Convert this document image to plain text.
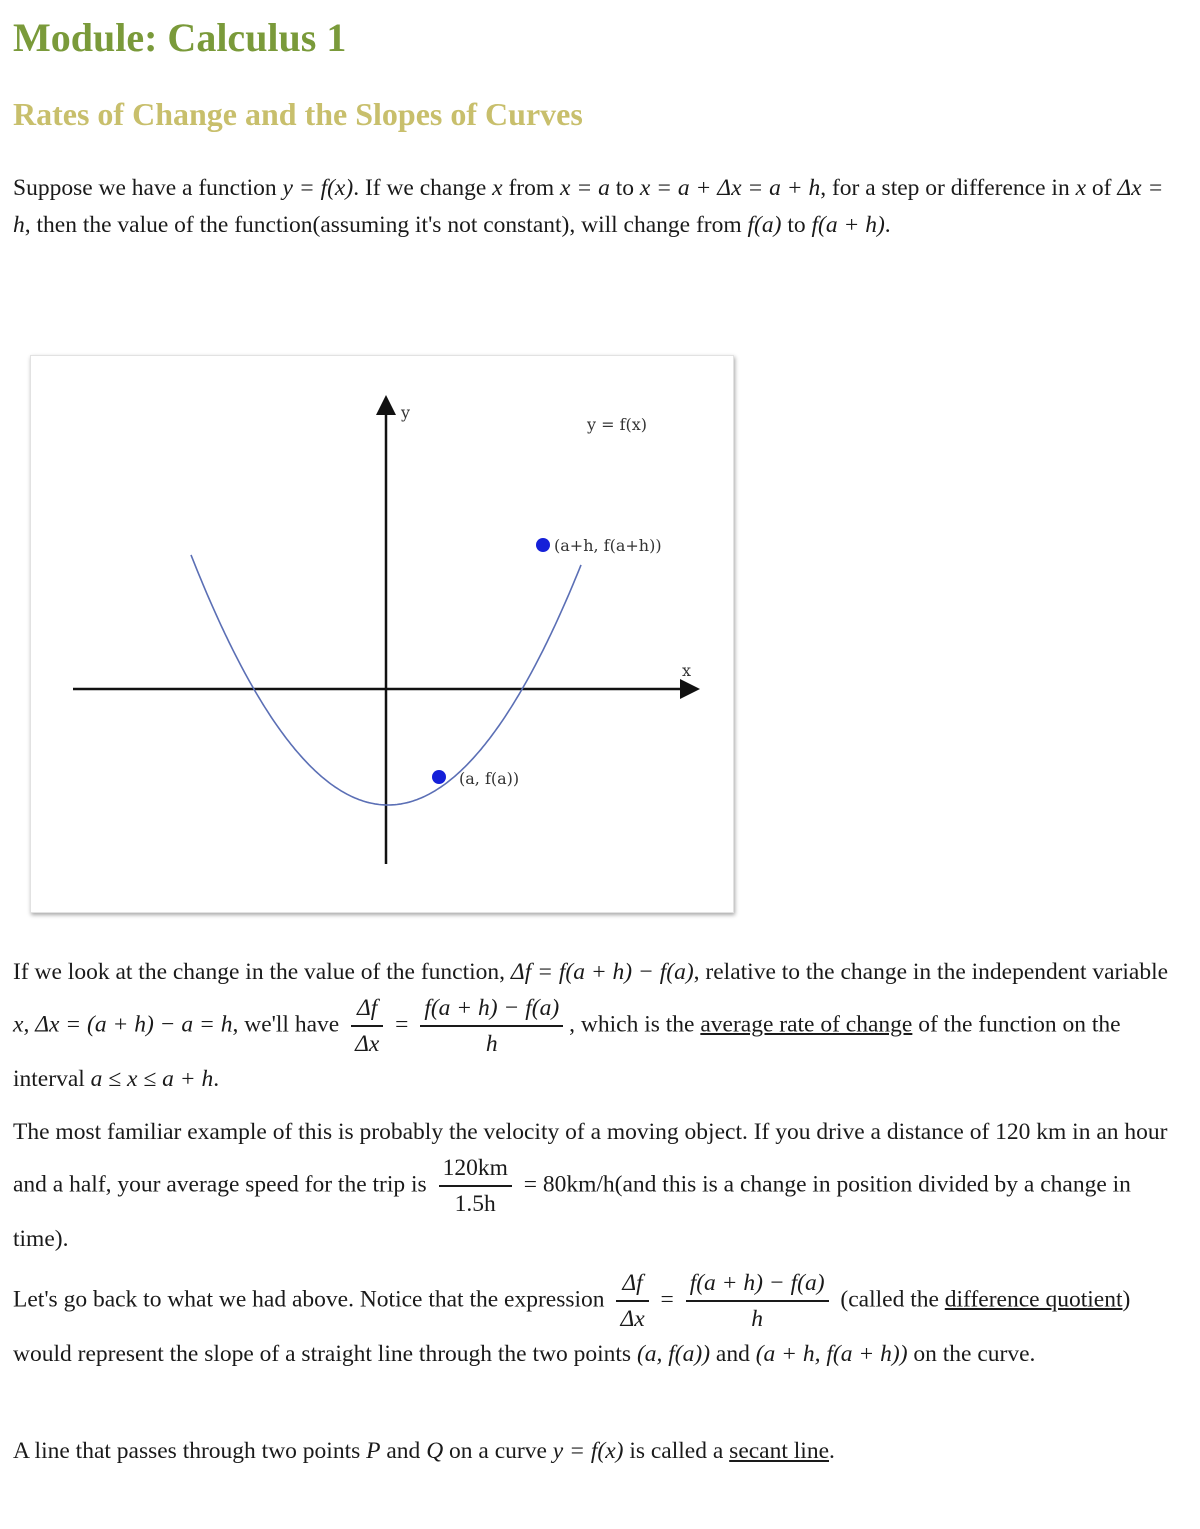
Module: Calculus 1
Rates of Change and the Slopes of Curves

Suppose we have a function y = f(x). If we change x from x = a to x = a + Δx = a + h, for a step or difference in x of Δx = h, then the value of the function(assuming it's not constant), will change from f(a) to f(a + h).

y
x
y = f(x)
(a+h, f(a+h))
(a, f(a))

If we look at the change in the value of the function, Δf = f(a + h) − f(a), relative to the change in the independent variable x, Δx = (a + h) − a = h, we'll have $\frac{\Delta f}{\Delta x} = \frac{f(a + h) - f(a)}{h}$ , which is the average rate of change of the function on the interval a ≤ x ≤ a + h.

The most familiar example of this is probably the velocity of a moving object. If you drive a distance of 120 km in an hour and a half, your average speed for the trip is $\frac{120km}{1.5h} = 80km/h(and$ this is a change in position divided by a change in time).

Let's go back to what we had above. Notice that the expression $\frac{\Delta f}{\Delta x} = \frac{f(a + h) - f(a)}{h}$ (called the difference quotient) would represent the slope of a straight line through the two points (a, f(a)) and (a + h, f(a + h)) on the curve.

A line that passes through two points P and Q on a curve y = f(x) is called a secant line.
